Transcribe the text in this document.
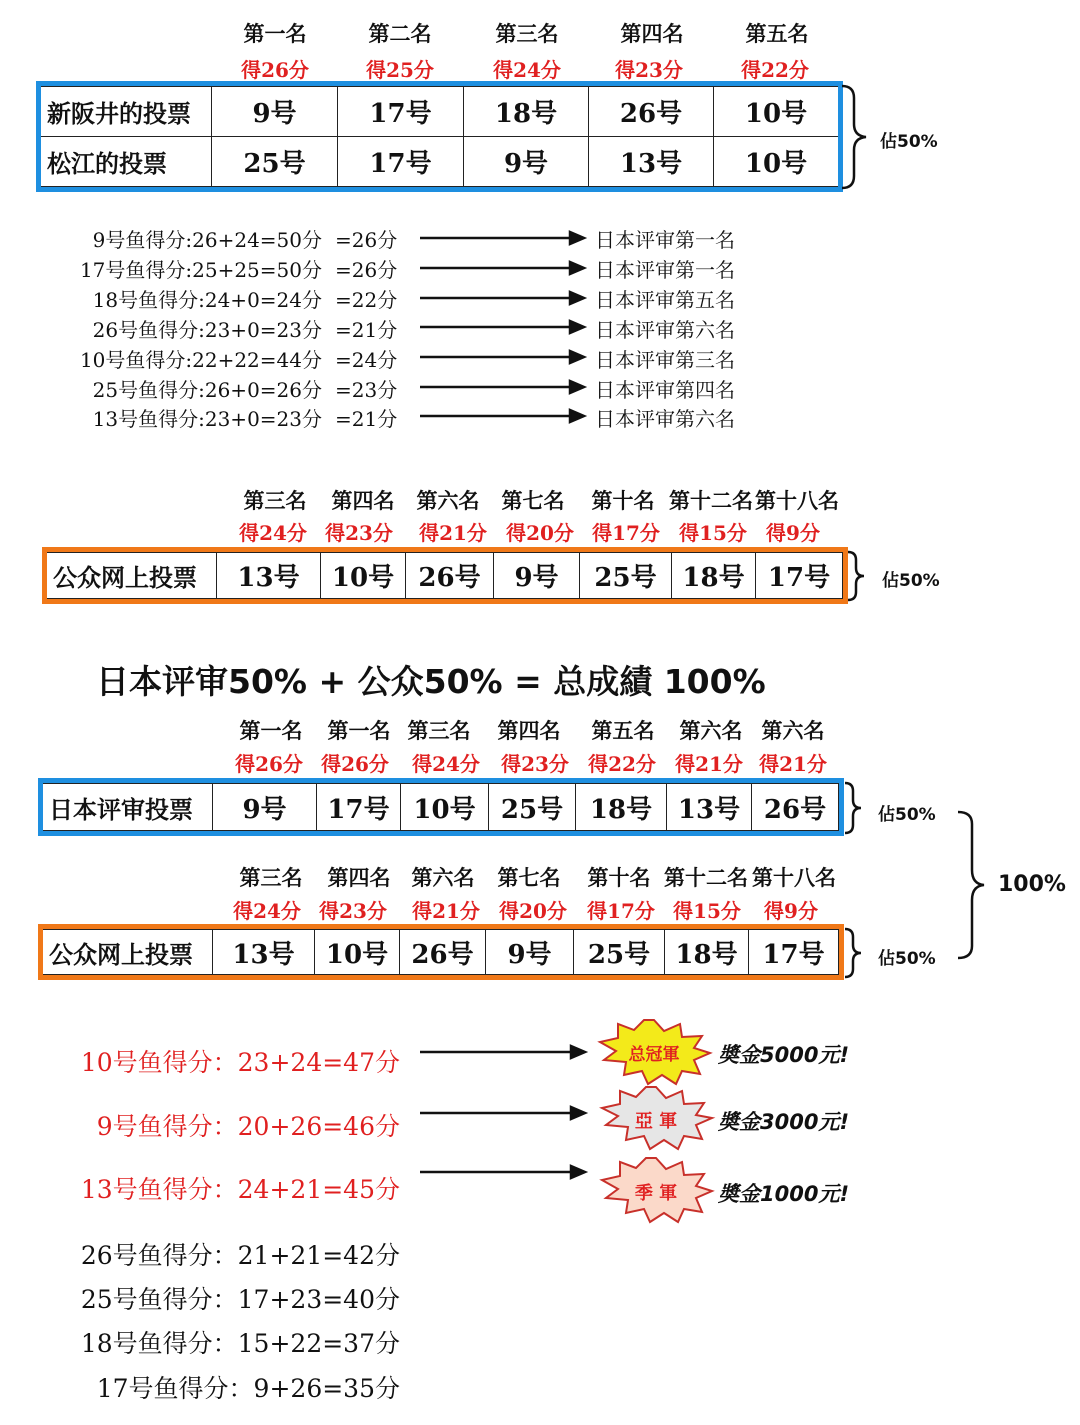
第一名	第二名	第三名	第四名	第五名
得26分	得25分	得24分	得23分	得22分
新阪井的投票	9号	17号	18号	26号	10号
松江的投票	25号	17号	9号	13号	10号
佔50%
9号鱼得分:26+24=50分 =26分	日本评审第一名
17号鱼得分:25+25=50分 =26分	日本评审第一名
18号鱼得分:24+0=24分 =22分	日本评审第五名
26号鱼得分:23+0=23分 =21分	日本评审第六名
10号鱼得分:22+22=44分 =24分	日本评审第三名
25号鱼得分:26+0=26分 =23分	日本评审第四名
13号鱼得分:23+0=23分 =21分	日本评审第六名
第三名	第四名	第六名	第七名	第十名 第十二名 第十八名
得24分 得23分	得21分 得20分 得17分 得15分 得9分
公众网上投票	13号	10号	26号	9号	25号	18号	17号	佔50%
日本评审50% + 公众50% = 总成績 100%
第一名	第一名 第三名	第四名	第五名	第六名 第六名
得26分 得26分	得24分	得23分 得22分 得21分 得21分
日本评审投票	9号	17号	10号	25号	18号	13号	26号	佔50%
第三名	第四名	第六名	第七名	第十名 第十二名 第十八名
得24分 得23分	得21分 得20分	得17分 得15分	得9分
公众网上投票	13号	10号	26号	9号	25号	18号	17号	佔50%
100%
10号鱼得分：23+24=47分
9号鱼得分：20+26=46分
13号鱼得分：24+21=45分
总冠軍	奬金5000元!
亞 軍	奬金3000元!
季 軍	奬金1000元!
26号鱼得分：21+21=42分
25号鱼得分：17+23=40分
18号鱼得分：15+22=37分
17号鱼得分：9+26=35分
